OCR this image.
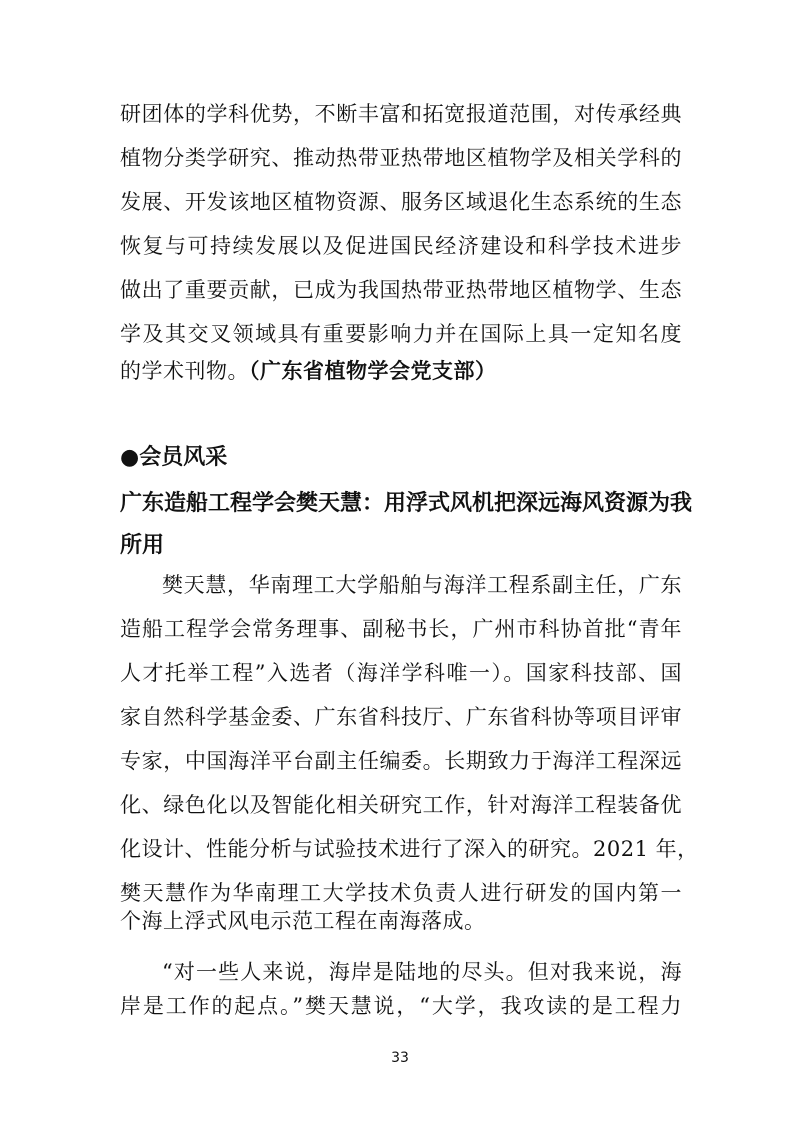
研团体的学科优势，不断丰富和拓宽报道范围，对传承经典
植物分类学研究、推动热带亚热带地区植物学及相关学科的
发展、开发该地区植物资源、服务区域退化生态系统的生态
恢复与可持续发展以及促进国民经济建设和科学技术进步
做出了重要贡献，已成为我国热带亚热带地区植物学、生态
学及其交叉领域具有重要影响力并在国际上具一定知名度
的学术刊物。（广东省植物学会党支部）
●会员风采
广东造船工程学会樊天慧：用浮式风机把深远海风资源为我
所用
樊天慧，华南理工大学船舶与海洋工程系副主任，广东
造船工程学会常务理事、副秘书长，广州市科协首批“青年
人才托举工程”入选者（海洋学科唯一）。国家科技部、国
家自然科学基金委、广东省科技厅、广东省科协等项目评审
专家，中国海洋平台副主任编委。长期致力于海洋工程深远
化、绿色化以及智能化相关研究工作，针对海洋工程装备优
化设计、性能分析与试验技术进行了深入的研究。2021 年，
樊天慧作为华南理工大学技术负责人进行研发的国内第一
个海上浮式风电示范工程在南海落成。
“对一些人来说，海岸是陆地的尽头。但对我来说，海
岸是工作的起点。”樊天慧说，“大学，我攻读的是工程力
33
